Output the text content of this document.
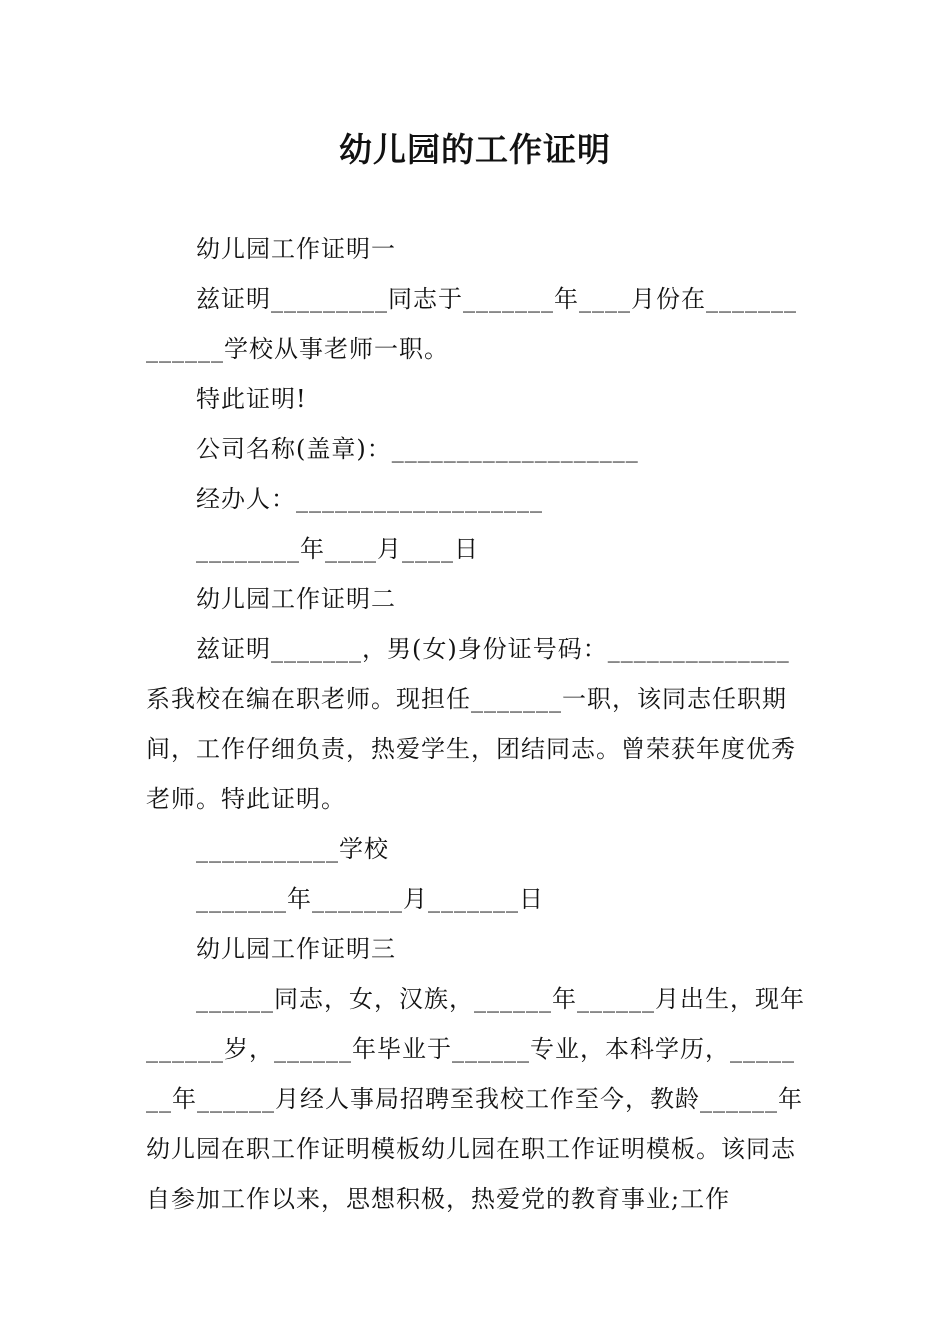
幼儿园的工作证明

幼儿园工作证明一

兹证明_________同志于_______年____月份在_____________学校从事老师一职。

特此证明!

公司名称(盖章)：___________________

经办人：___________________

________年____月____日

幼儿园工作证明二

兹证明_______，男(女)身份证号码：______________系我校在编在职老师。现担任_______一职，该同志任职期间，工作仔细负责，热爱学生，团结同志。曾荣获年度优秀老师。特此证明。

___________学校

_______年_______月_______日

幼儿园工作证明三

______同志，女，汉族，______年______月出生，现年______岁，______年毕业于______专业，本科学历，_______年______月经人事局招聘至我校工作至今，教龄______年幼儿园在职工作证明模板幼儿园在职工作证明模板。该同志自参加工作以来，思想积极，热爱党的教育事业;工作
